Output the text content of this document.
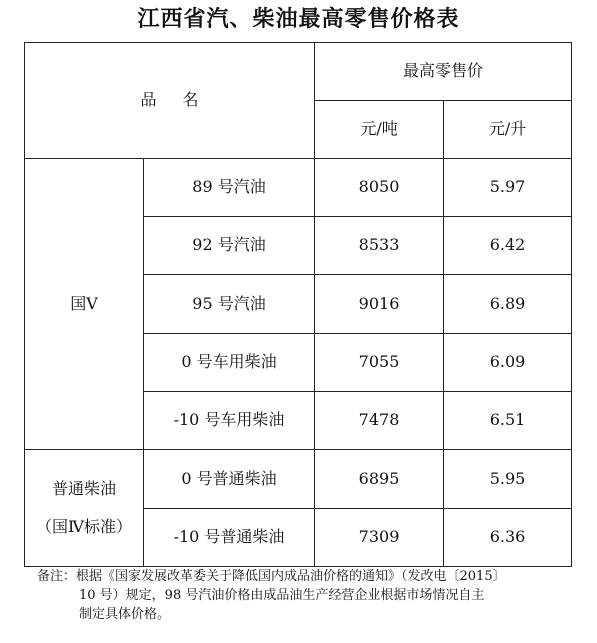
江西省汽、柴油最高零售价格表
品名		最高零售价	
		元/吨	元/升
国Ⅴ	89 号汽油	8050	5.97
	92 号汽油	8533	6.42
	95 号汽油	9016	6.89
	0 号车用柴油	7055	6.09
	-10 号车用柴油	7478	6.51
普通柴油
（国Ⅳ标准）	0 号普通柴油	6895	5.95
	-10 号普通柴油	7309	6.36
备注：根据《国家发展改革委关于降低国内成品油价格的通知》（发改电〔2015〕
10 号）规定，98 号汽油价格由成品油生产经营企业根据市场情况自主
制定具体价格。
